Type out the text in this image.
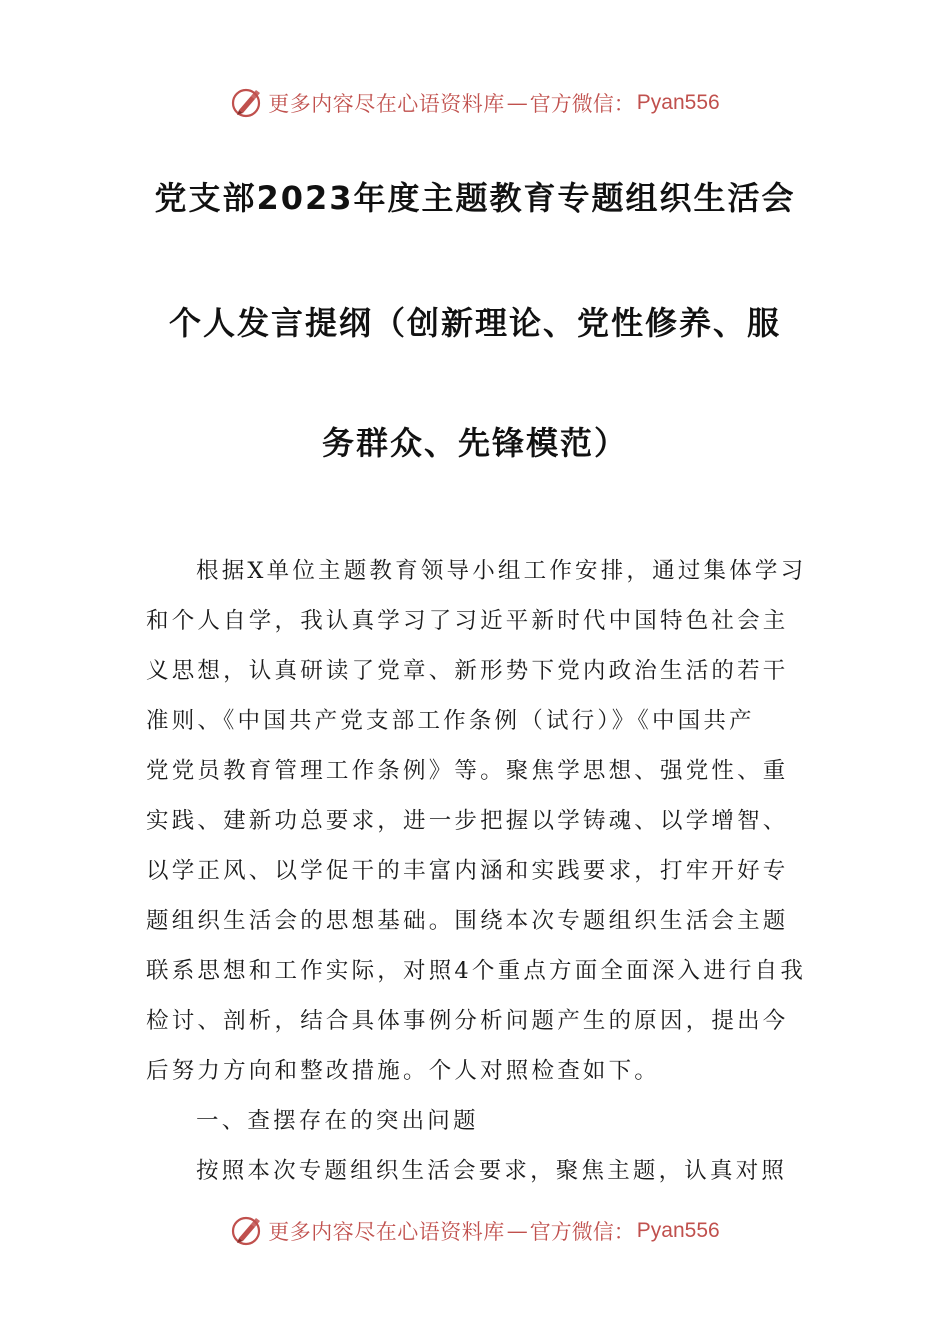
更多内容尽在心语资料库 — 官方微信： Pyan556
党支部2023年度主题教育专题组织生活会
个人发言提纲（创新理论、党性修养、服
务群众、先锋模范）
根据X单位主题教育领导小组工作安排，通过集体学习
和个人自学，我认真学习了习近平新时代中国特色社会主
义思想，认真研读了党章、新形势下党内政治生活的若干
准则、《中国共产党支部工作条例（试行）》《中国共产
党党员教育管理工作条例》等。聚焦学思想、强党性、重
实践、建新功总要求，进一步把握以学铸魂、以学增智、
以学正风、以学促干的丰富内涵和实践要求，打牢开好专
题组织生活会的思想基础。围绕本次专题组织生活会主题
联系思想和工作实际，对照4个重点方面全面深入进行自我
检讨、剖析，结合具体事例分析问题产生的原因，提出今
后努力方向和整改措施。个人对照检查如下。
一、查摆存在的突出问题
按照本次专题组织生活会要求，聚焦主题，认真对照
更多内容尽在心语资料库 — 官方微信： Pyan556
